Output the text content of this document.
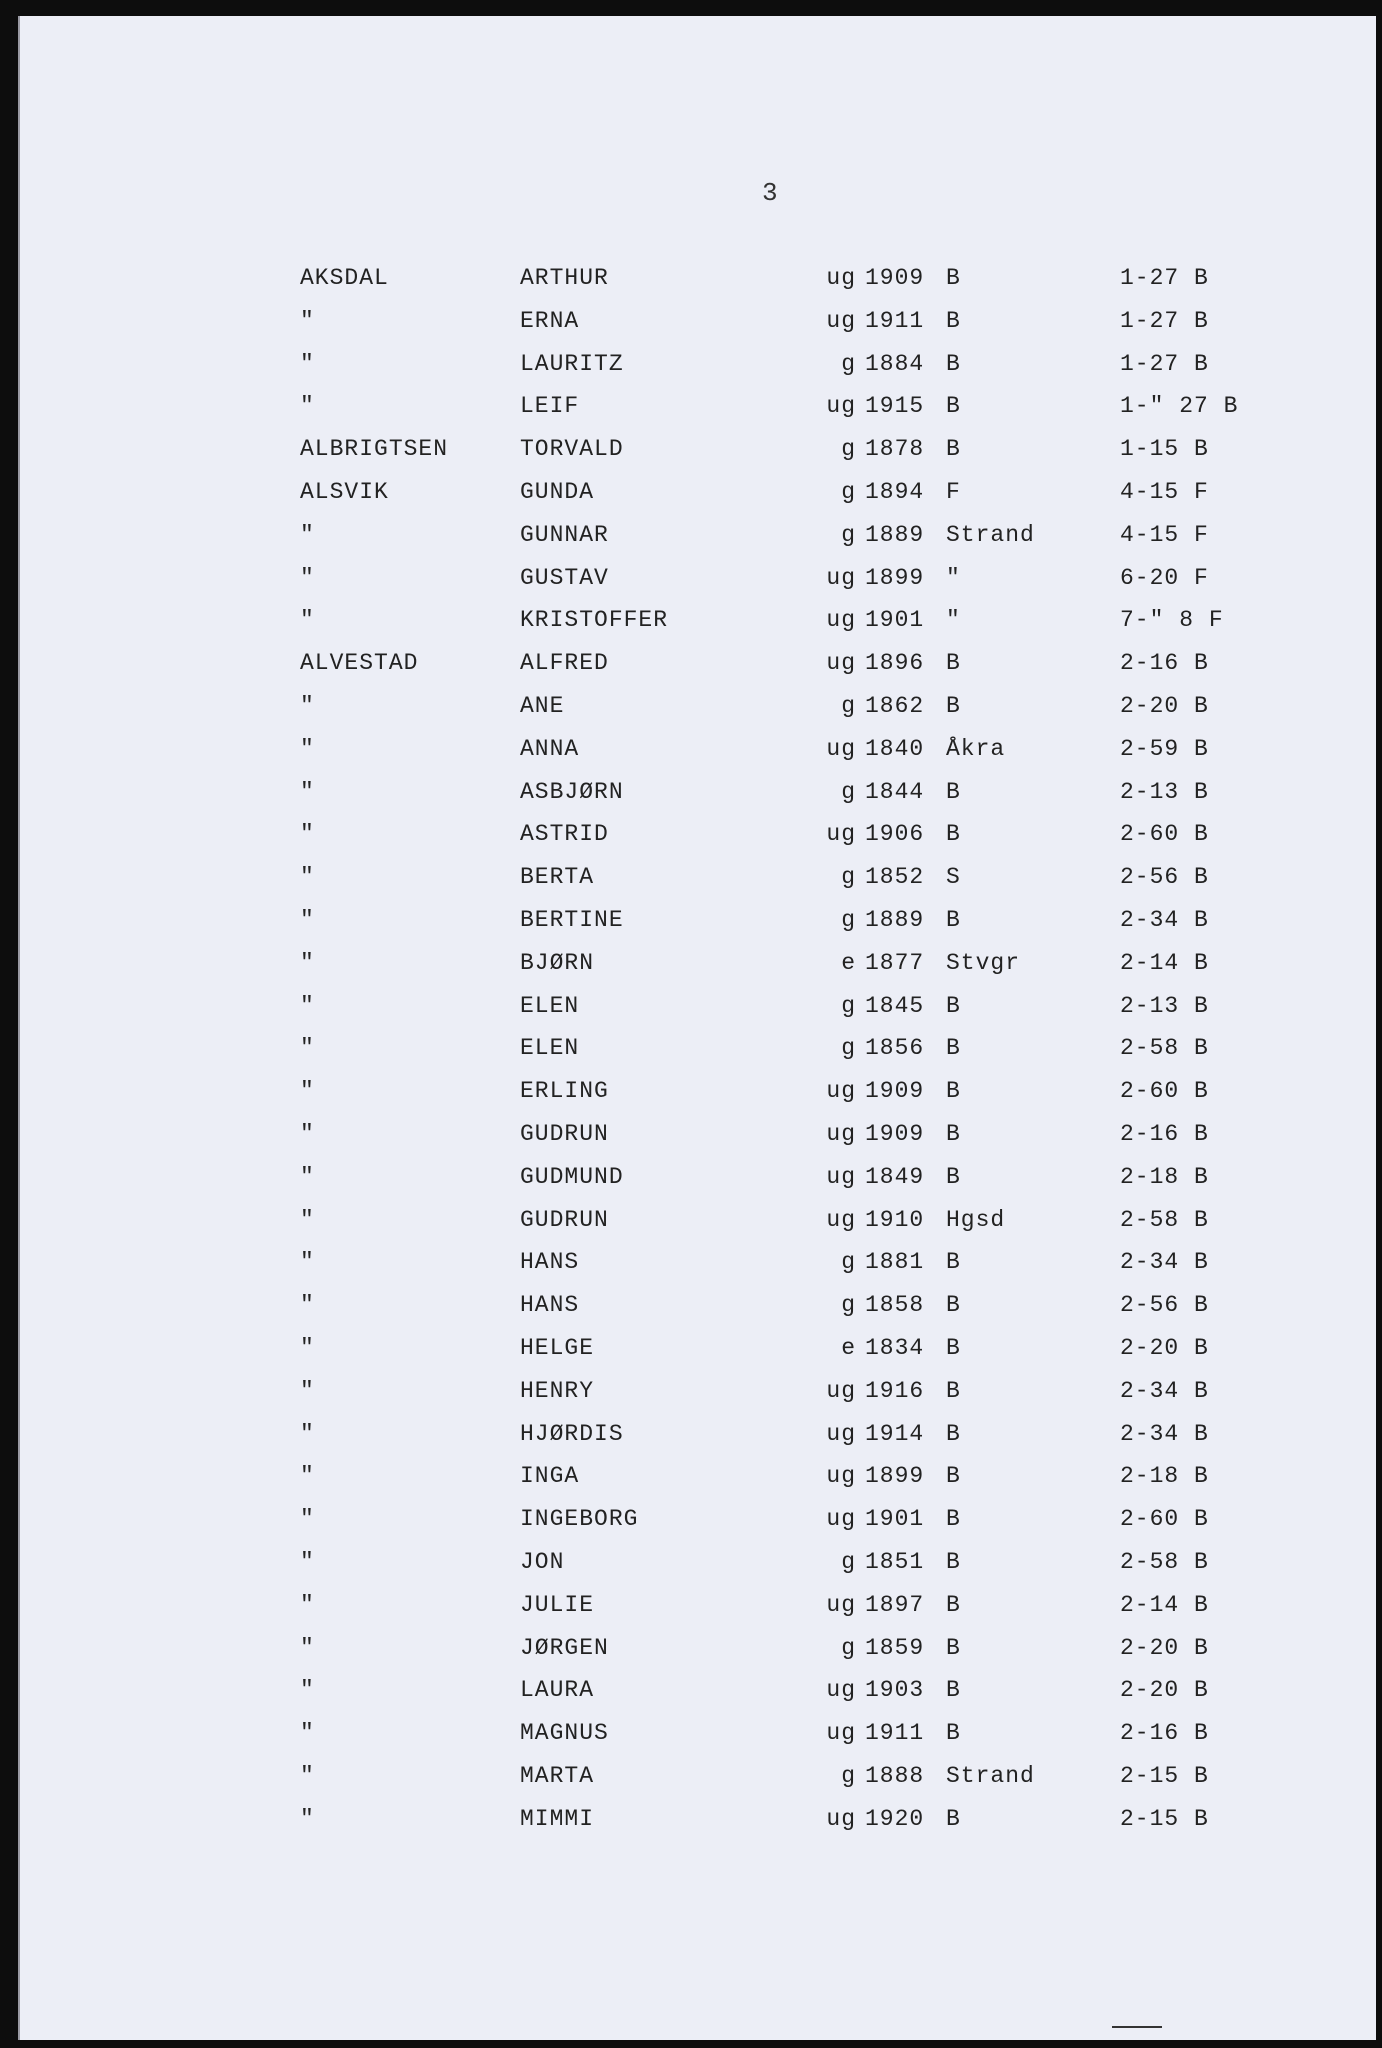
3
AKSDAL	ARTHUR	ug 1909 B	1-27 B
"	ERNA	ug 1911 B	1-27 B
"	LAURITZ	g 1884 B	1-27 B
"	LEIF	ug 1915 B	1-" 27 B
ALBRIGTSEN	TORVALD	g 1878 B	1-15 B
ALSVIK	GUNDA	g 1894 F	4-15 F
"	GUNNAR	g 1889 Strand	4-15 F
"	GUSTAV	ug 1899 "	6-20 F
"	KRISTOFFER	ug 1901 "	7-" 8 F
ALVESTAD	ALFRED	ug 1896 B	2-16 B
"	ANE	g 1862 B	2-20 B
"	ANNA	ug 1840 Åkra	2-59 B
"	ASBJØRN	g 1844 B	2-13 B
"	ASTRID	ug 1906 B	2-60 B
"	BERTA	g 1852 S	2-56 B
"	BERTINE	g 1889 B	2-34 B
"	BJØRN	e 1877 Stvgr	2-14 B
"	ELEN	g 1845 B	2-13 B
"	ELEN	g 1856 B	2-58 B
"	ERLING	ug 1909 B	2-60 B
"	GUDRUN	ug 1909 B	2-16 B
"	GUDMUND	ug 1849 B	2-18 B
"	GUDRUN	ug 1910 Hgsd	2-58 B
"	HANS	g 1881 B	2-34 B
"	HANS	g 1858 B	2-56 B
"	HELGE	e 1834 B	2-20 B
"	HENRY	ug 1916 B	2-34 B
"	HJØRDIS	ug 1914 B	2-34 B
"	INGA	ug 1899 B	2-18 B
"	INGEBORG	ug 1901 B	2-60 B
"	JON	g 1851 B	2-58 B
"	JULIE	ug 1897 B	2-14 B
"	JØRGEN	g 1859 B	2-20 B
"	LAURA	ug 1903 B	2-20 B
"	MAGNUS	ug 1911 B	2-16 B
"	MARTA	g 1888 Strand	2-15 B
"	MIMMI	ug 1920 B	2-15 B
